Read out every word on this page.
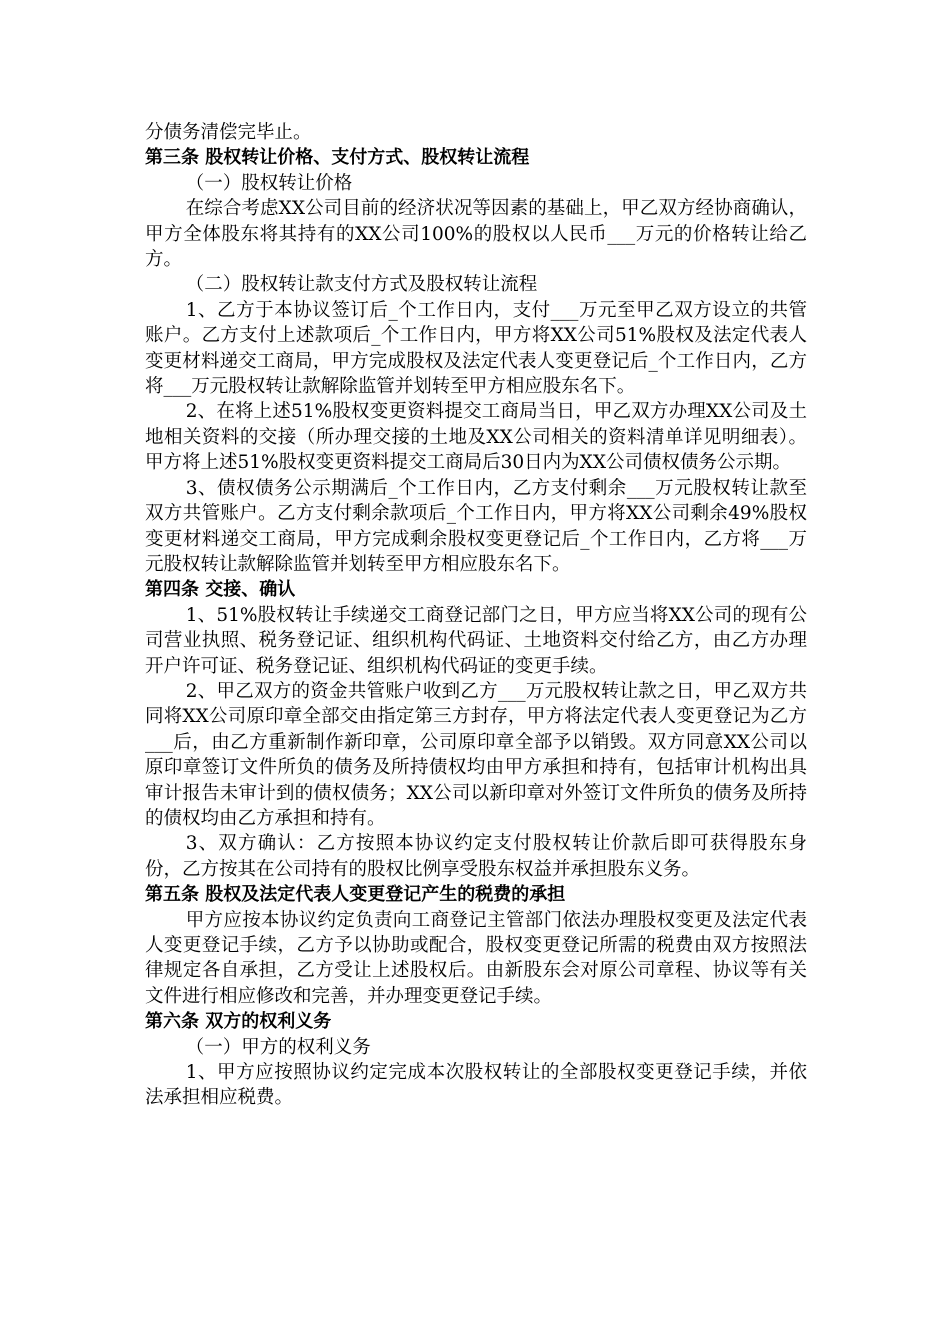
分债务清偿完毕止。

第三条 股权转让价格、支付方式、股权转让流程

（一）股权转让价格

在综合考虑XX公司目前的经济状况等因素的基础上，甲乙双方经协商确认，甲方全体股东将其持有的XX公司100%的股权以人民币___万元的价格转让给乙方。

（二）股权转让款支付方式及股权转让流程

1、乙方于本协议签订后_个工作日内，支付___万元至甲乙双方设立的共管账户。乙方支付上述款项后_个工作日内，甲方将XX公司51%股权及法定代表人变更材料递交工商局，甲方完成股权及法定代表人变更登记后_个工作日内，乙方将___万元股权转让款解除监管并划转至甲方相应股东名下。

2、在将上述51%股权变更资料提交工商局当日，甲乙双方办理XX公司及土地相关资料的交接（所办理交接的土地及XX公司相关的资料清单详见明细表）。甲方将上述51%股权变更资料提交工商局后30日内为XX公司债权债务公示期。

3、债权债务公示期满后_个工作日内，乙方支付剩余___万元股权转让款至双方共管账户。乙方支付剩余款项后_个工作日内，甲方将XX公司剩余49%股权变更材料递交工商局，甲方完成剩余股权变更登记后_个工作日内，乙方将___万元股权转让款解除监管并划转至甲方相应股东名下。

第四条 交接、确认

1、51%股权转让手续递交工商登记部门之日，甲方应当将XX公司的现有公司营业执照、税务登记证、组织机构代码证、土地资料交付给乙方，由乙方办理开户许可证、税务登记证、组织机构代码证的变更手续。

2、甲乙双方的资金共管账户收到乙方___万元股权转让款之日，甲乙双方共同将XX公司原印章全部交由指定第三方封存，甲方将法定代表人变更登记为乙方___后，由乙方重新制作新印章，公司原印章全部予以销毁。双方同意XX公司以原印章签订文件所负的债务及所持债权均由甲方承担和持有，包括审计机构出具审计报告未审计到的债权债务；XX公司以新印章对外签订文件所负的债务及所持的债权均由乙方承担和持有。

3、双方确认：乙方按照本协议约定支付股权转让价款后即可获得股东身份，乙方按其在公司持有的股权比例享受股东权益并承担股东义务。

第五条 股权及法定代表人变更登记产生的税费的承担

甲方应按本协议约定负责向工商登记主管部门依法办理股权变更及法定代表人变更登记手续，乙方予以协助或配合，股权变更登记所需的税费由双方按照法律规定各自承担，乙方受让上述股权后。由新股东会对原公司章程、协议等有关文件进行相应修改和完善，并办理变更登记手续。

第六条 双方的权利义务

（一）甲方的权利义务

1、甲方应按照协议约定完成本次股权转让的全部股权变更登记手续，并依法承担相应税费。
